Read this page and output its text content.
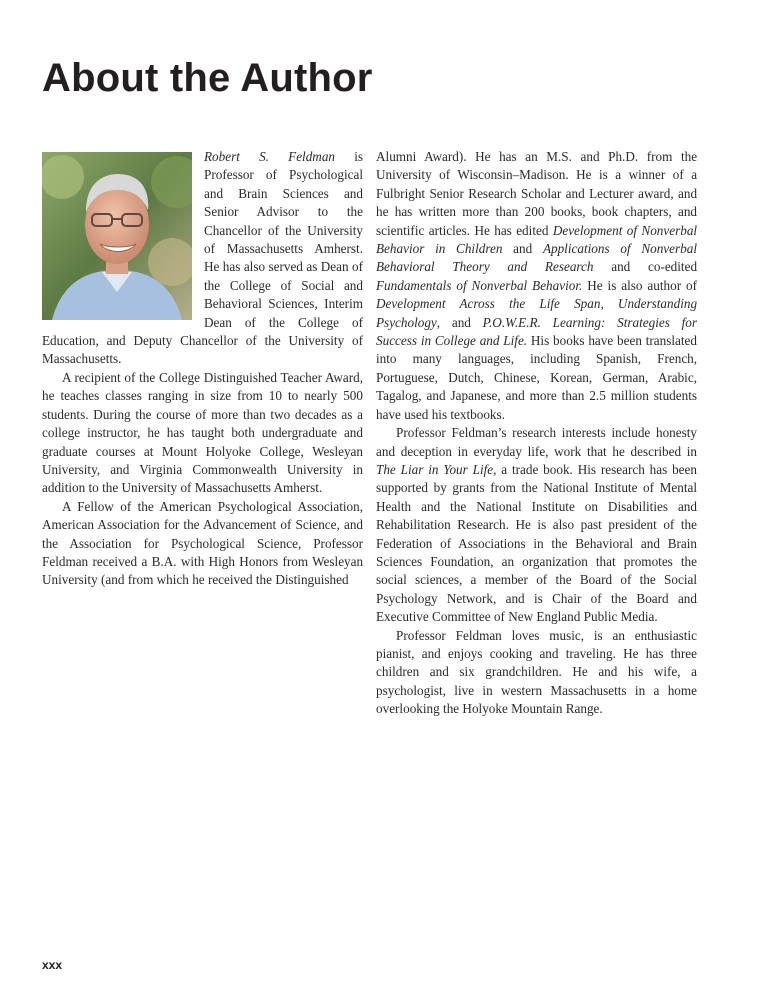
About the Author

Robert S. Feldman is Professor of Psychological and Brain Sciences and Senior Advisor to the Chancellor of the University of Massachusetts Amherst. He has also served as Dean of the College of Social and Behavioral Sciences, Interim Dean of the College of Education, and Deputy Chancellor of the University of Massachusetts.

A recipient of the College Distinguished Teacher Award, he teaches classes ranging in size from 10 to nearly 500 students. During the course of more than two decades as a college instructor, he has taught both undergraduate and graduate courses at Mount Holyoke College, Wesleyan University, and Virginia Commonwealth University in addition to the University of Massachusetts Amherst.

A Fellow of the American Psychological Association, American Association for the Advancement of Science, and the Association for Psychological Science, Professor Feldman received a B.A. with High Honors from Wesleyan University (and from which he received the Distinguished

Alumni Award). He has an M.S. and Ph.D. from the University of Wisconsin–Madison. He is a winner of a Fulbright Senior Research Scholar and Lecturer award, and he has written more than 200 books, book chapters, and scientific articles. He has edited Development of Nonverbal Behavior in Children and Applications of Nonverbal Behavioral Theory and Research and co-edited Fundamentals of Nonverbal Behavior. He is also author of Development Across the Life Span, Understanding Psychology, and P.O.W.E.R. Learning: Strategies for Success in College and Life. His books have been translated into many languages, including Spanish, French, Portuguese, Dutch, Chinese, Korean, German, Arabic, Tagalog, and Japanese, and more than 2.5 million students have used his textbooks.

Professor Feldman’s research interests include honesty and deception in everyday life, work that he described in The Liar in Your Life, a trade book. His research has been supported by grants from the National Institute of Mental Health and the National Institute on Disabilities and Rehabilitation Research. He is also past president of the Federation of Associations in the Behavioral and Brain Sciences Foundation, an organization that promotes the social sciences, a member of the Board of the Social Psychology Network, and is Chair of the Board and Executive Committee of New England Public Media.

Professor Feldman loves music, is an enthusiastic pianist, and enjoys cooking and traveling. He has three children and six grandchildren. He and his wife, a psychologist, live in western Massachusetts in a home overlooking the Holyoke Mountain Range.

xxx
